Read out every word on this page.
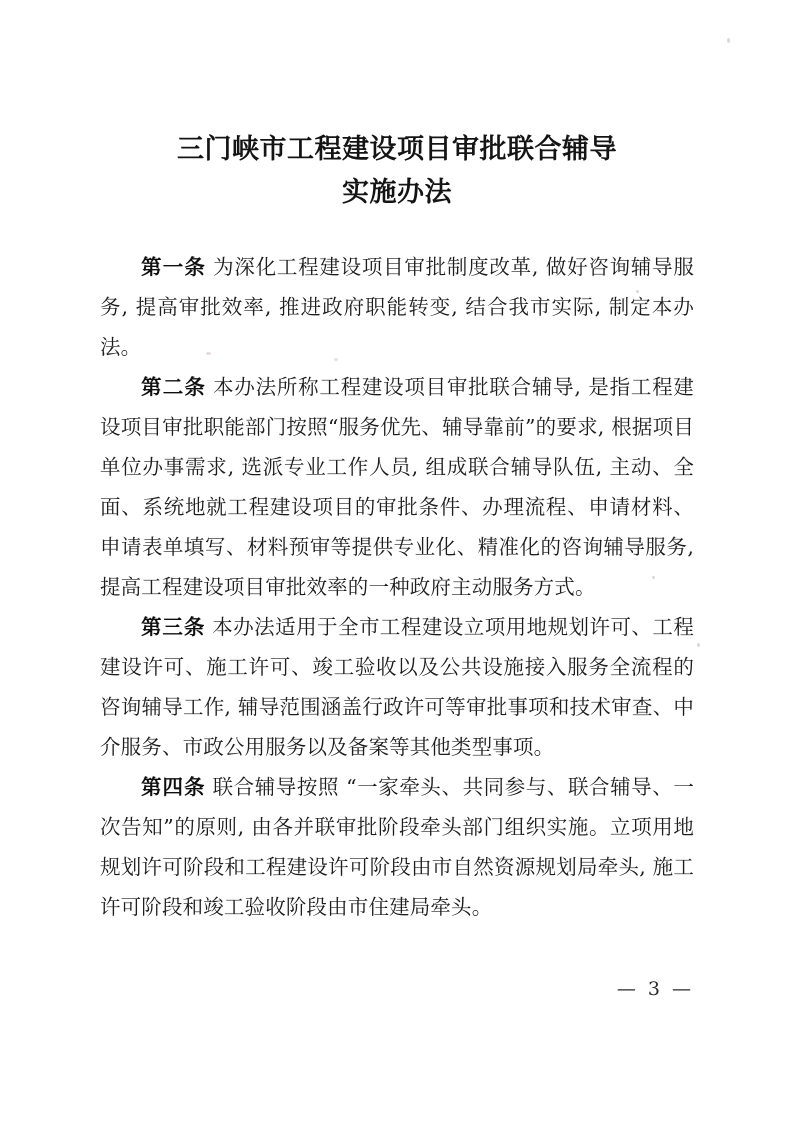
三门峡市工程建设项目审批联合辅导
实施办法

第一条 为深化工程建设项目审批制度改革, 做好咨询辅导服务, 提高审批效率, 推进政府职能转变, 结合我市实际, 制定本办法。

第二条 本办法所称工程建设项目审批联合辅导, 是指工程建设项目审批职能部门按照“服务优先、辅导靠前”的要求, 根据项目单位办事需求, 选派专业工作人员, 组成联合辅导队伍, 主动、全面、系统地就工程建设项目的审批条件、办理流程、申请材料、申请表单填写、材料预审等提供专业化、精准化的咨询辅导服务, 提高工程建设项目审批效率的一种政府主动服务方式。

第三条 本办法适用于全市工程建设立项用地规划许可、工程建设许可、施工许可、竣工验收以及公共设施接入服务全流程的咨询辅导工作, 辅导范围涵盖行政许可等审批事项和技术审查、中介服务、市政公用服务以及备案等其他类型事项。

第四条 联合辅导按照 “一家牵头、共同参与、联合辅导、一次告知”的原则, 由各并联审批阶段牵头部门组织实施。立项用地规划许可阶段和工程建设许可阶段由市自然资源规划局牵头, 施工许可阶段和竣工验收阶段由市住建局牵头。

— 3 —
